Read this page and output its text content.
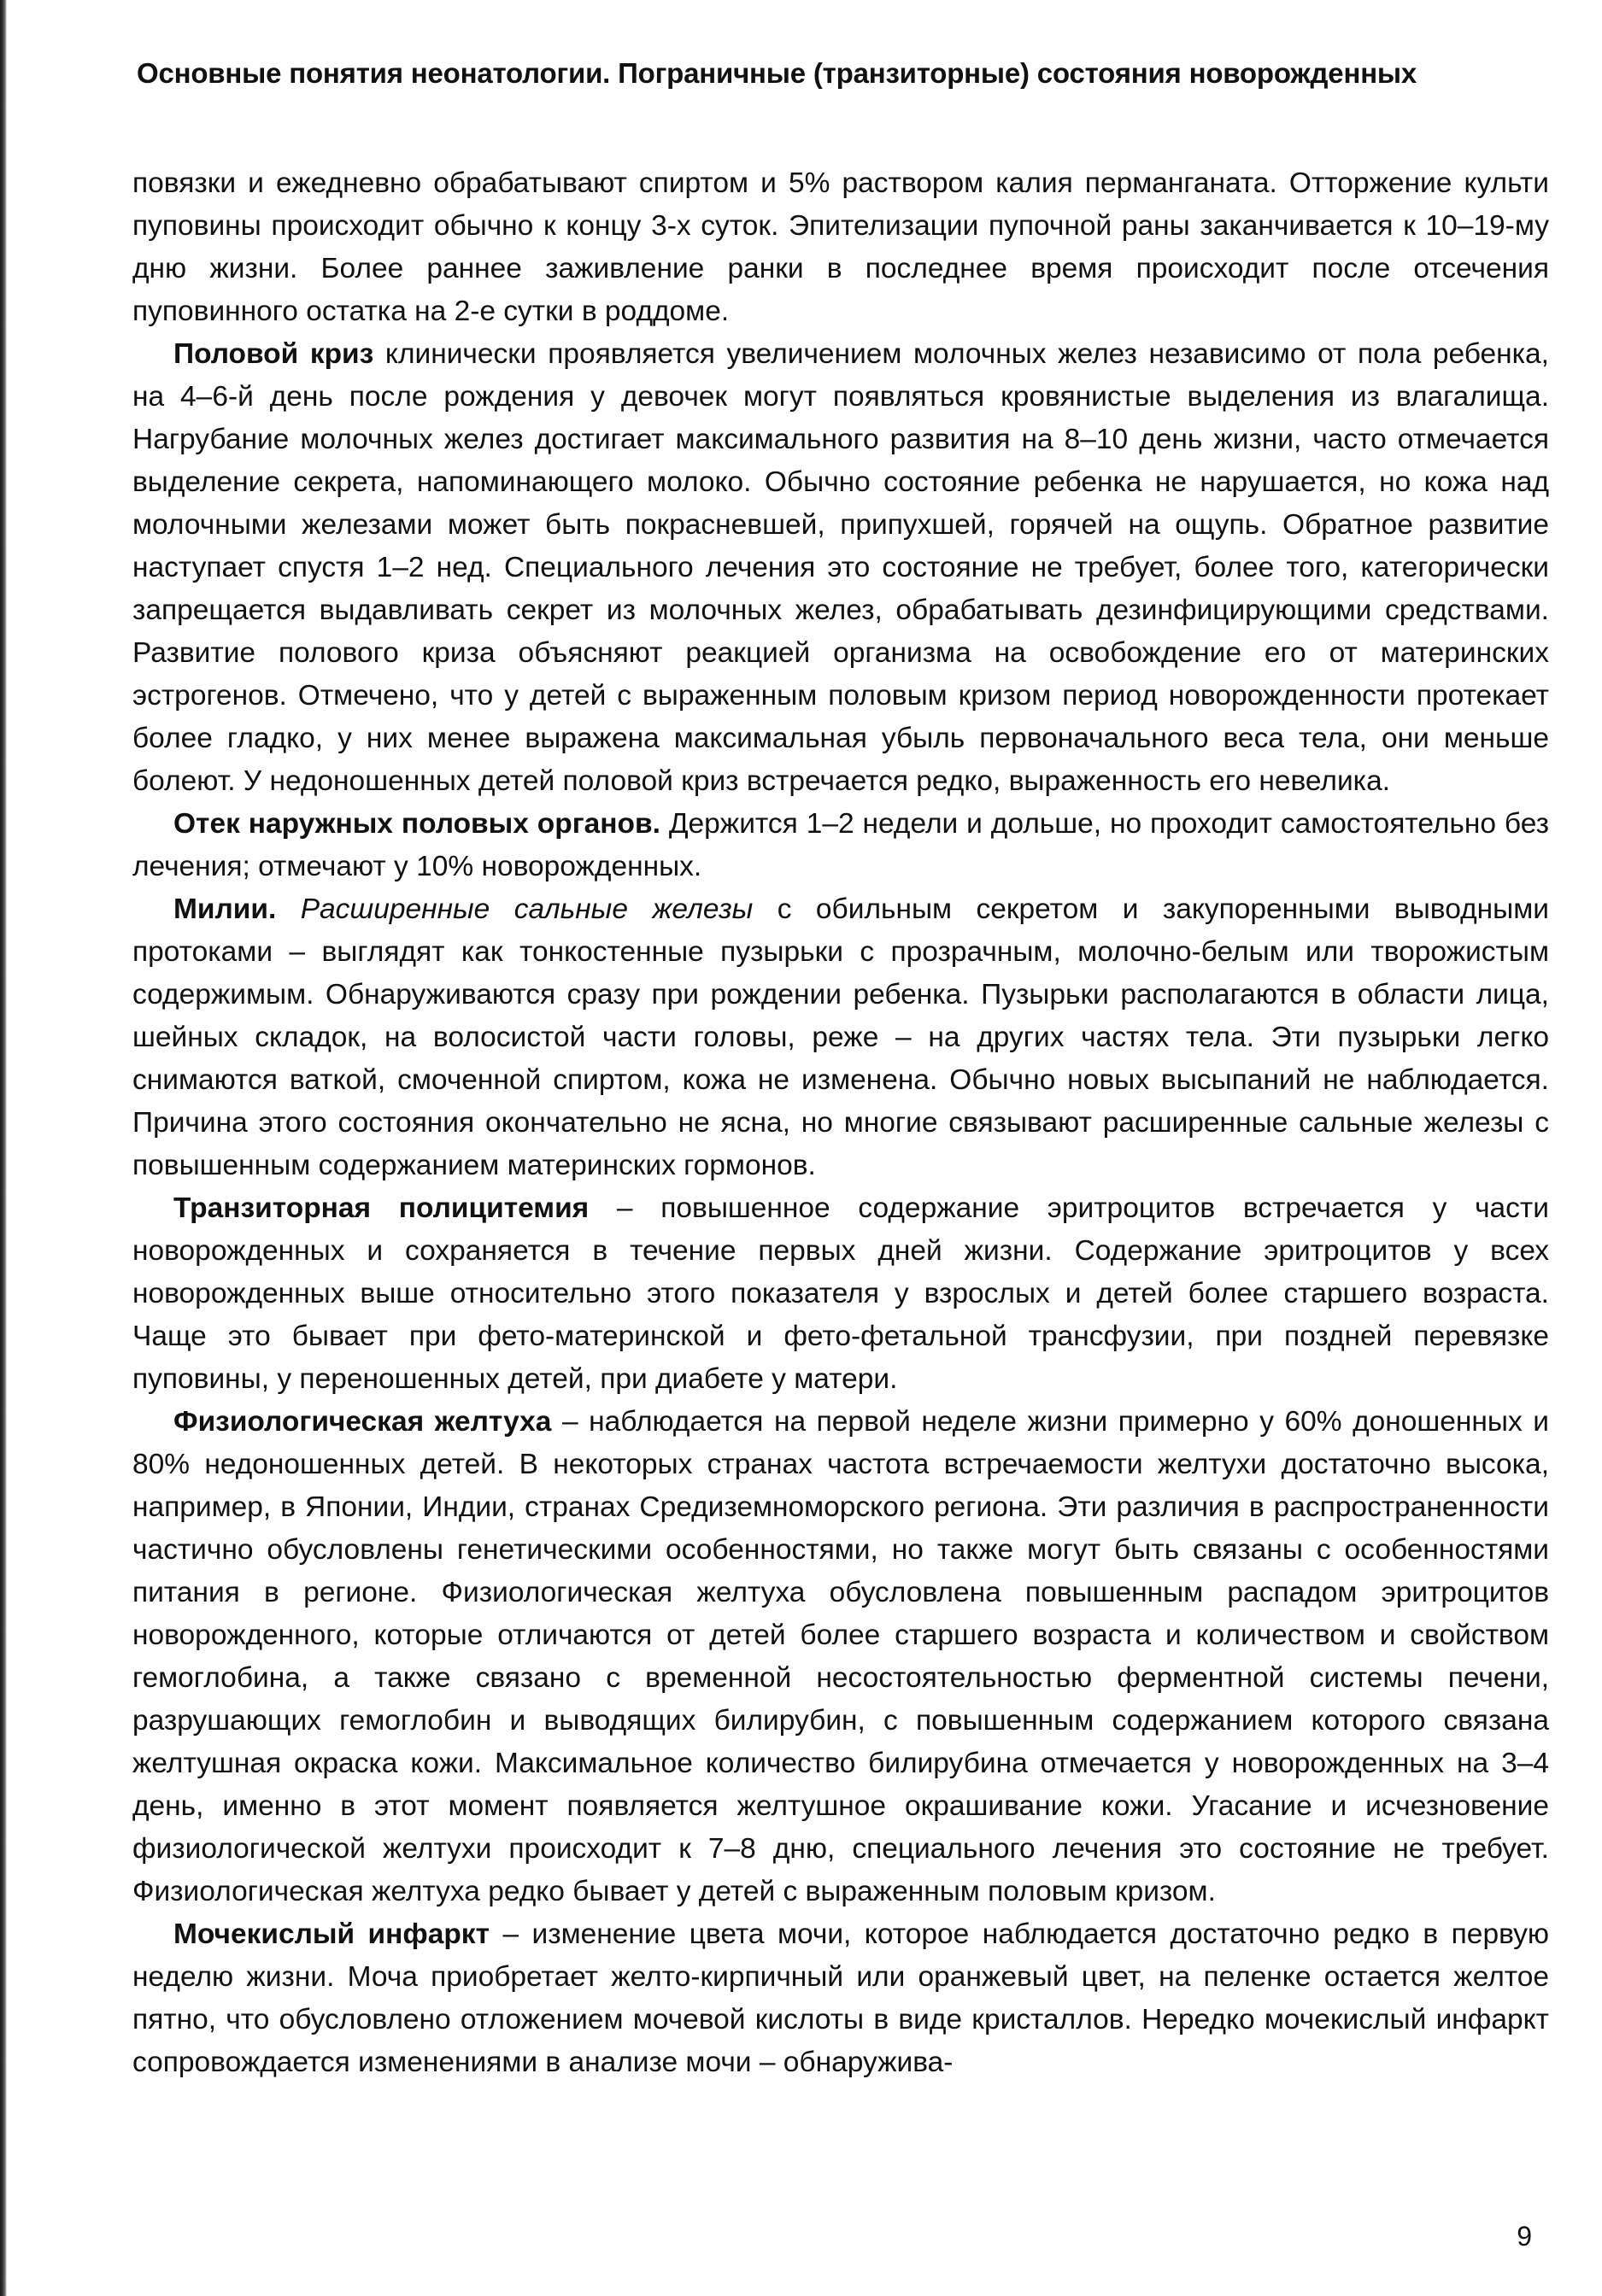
Основные понятия неонатологии. Пограничные (транзиторные) состояния новорожденных

повязки и ежедневно обрабатывают спиртом и 5% раствором калия перманганата. Отторжение культи пуповины происходит обычно к концу 3-х суток. Эпителизации пупочной раны заканчивается к 10–19-му дню жизни. Более раннее заживление ранки в последнее время происходит после отсечения пуповинного остатка на 2-е сутки в роддоме.

Половой криз клинически проявляется увеличением молочных желез независимо от пола ребенка, на 4–6-й день после рождения у девочек могут появляться кровянистые выделения из влагалища. Нагрубание молочных желез достигает максимального развития на 8–10 день жизни, часто отмечается выделение секрета, напоминающего молоко. Обычно состояние ребенка не нарушается, но кожа над молочными железами может быть покрасневшей, припухшей, горячей на ощупь. Обратное развитие наступает спустя 1–2 нед. Специального лечения это состояние не требует, более того, категорически запрещается выдавливать секрет из молочных желез, обрабатывать дезинфицирующими средствами. Развитие полового криза объясняют реакцией организма на освобождение его от материнских эстрогенов. Отмечено, что у детей с выраженным половым кризом период новорожденности протекает более гладко, у них менее выражена максимальная убыль первоначального веса тела, они меньше болеют. У недоношенных детей половой криз встречается редко, выраженность его невелика.

Отек наружных половых органов. Держится 1–2 недели и дольше, но проходит самостоятельно без лечения; отмечают у 10% новорожденных.

Милии. Расширенные сальные железы с обильным секретом и закупоренными выводными протоками – выглядят как тонкостенные пузырьки с прозрачным, молочно-белым или творожистым содержимым. Обнаруживаются сразу при рождении ребенка. Пузырьки располагаются в области лица, шейных складок, на волосистой части головы, реже – на других частях тела. Эти пузырьки легко снимаются ваткой, смоченной спиртом, кожа не изменена. Обычно новых высыпаний не наблюдается. Причина этого состояния окончательно не ясна, но многие связывают расширенные сальные железы с повышенным содержанием материнских гормонов.

Транзиторная полицитемия – повышенное содержание эритроцитов встречается у части новорожденных и сохраняется в течение первых дней жизни. Содержание эритроцитов у всех новорожденных выше относительно этого показателя у взрослых и детей более старшего возраста. Чаще это бывает при фето-материнской и фето-фетальной трансфузии, при поздней перевязке пуповины, у переношенных детей, при диабете у матери.

Физиологическая желтуха – наблюдается на первой неделе жизни примерно у 60% доношенных и 80% недоношенных детей. В некоторых странах частота встречаемости желтухи достаточно высока, например, в Японии, Индии, странах Средиземноморского региона. Эти различия в распространенности частично обусловлены генетическими особенностями, но также могут быть связаны с особенностями питания в регионе. Физиологическая желтуха обусловлена повышенным распадом эритроцитов новорожденного, которые отличаются от детей более старшего возраста и количеством и свойством гемоглобина, а также связано с временной несостоятельностью ферментной системы печени, разрушающих гемоглобин и выводящих билирубин, с повышенным содержанием которого связана желтушная окраска кожи. Максимальное количество билирубина отмечается у новорожденных на 3–4 день, именно в этот момент появляется желтушное окрашивание кожи. Угасание и исчезновение физиологической желтухи происходит к 7–8 дню, специального лечения это состояние не требует. Физиологическая желтуха редко бывает у детей с выраженным половым кризом.

Мочекислый инфаркт – изменение цвета мочи, которое наблюдается достаточно редко в первую неделю жизни. Моча приобретает желто-кирпичный или оранжевый цвет, на пеленке остается желтое пятно, что обусловлено отложением мочевой кислоты в виде кристаллов. Нередко мочекислый инфаркт сопровождается изменениями в анализе мочи – обнаружива-

9
